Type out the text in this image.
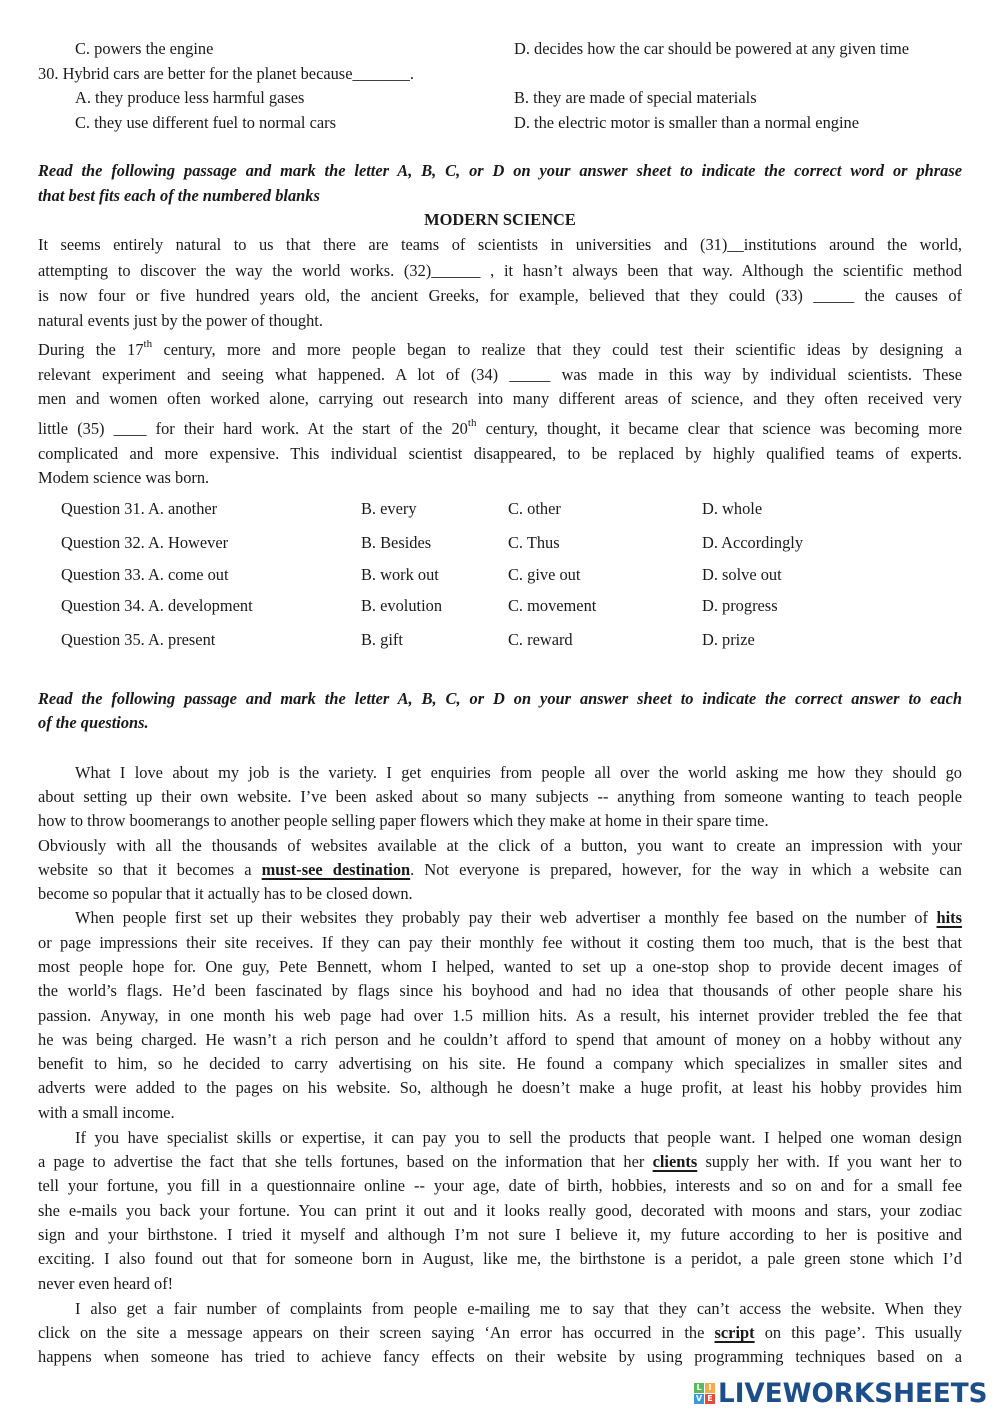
C. powers the engine	D. decides how the car should be powered at any given time
30. Hybrid cars are better for the planet because_______.
A. they produce less harmful gases	B. they are made of special materials
C. they use different fuel to normal cars	D. the electric motor is smaller than a normal engine
Read the following passage and mark the letter A, B, C, or D on your answer sheet to indicate the correct word or phrase
that best fits each of the numbered blanks
MODERN SCIENCE
It seems entirely natural to us that there are teams of scientists in universities and (31)__institutions around the world,
attempting to discover the way the world works. (32)______ , it hasn’t always been that way. Although the scientific method
is now four or five hundred years old, the ancient Greeks, for example, believed that they could (33) _____ the causes of
natural events just by the power of thought.
During the 17th century, more and more people began to realize that they could test their scientific ideas by designing a
relevant experiment and seeing what happened. A lot of (34) _____ was made in this way by individual scientists. These
men and women often worked alone, carrying out research into many different areas of science, and they often received very
little (35) ____ for their hard work. At the start of the 20th century, thought, it became clear that science was becoming more
complicated and more expensive. This individual scientist disappeared, to be replaced by highly qualified teams of experts.
Modem science was born.
Question 31. A. another	B. every	C. other	D. whole
Question 32. A. However	B. Besides	C. Thus	D. Accordingly
Question 33. A. come out	B. work out	C. give out	D. solve out
Question 34. A. development	B. evolution	C. movement	D. progress
Question 35. A. present	B. gift	C. reward	D. prize
Read the following passage and mark the letter A, B, C, or D on your answer sheet to indicate the correct answer to each
of the questions.
What I love about my job is the variety. I get enquiries from people all over the world asking me how they should go
about setting up their own website. I’ve been asked about so many subjects -- anything from someone wanting to teach people
how to throw boomerangs to another people selling paper flowers which they make at home in their spare time.
Obviously with all the thousands of websites available at the click of a button, you want to create an impression with your
website so that it becomes a must-see destination. Not everyone is prepared, however, for the way in which a website can
become so popular that it actually has to be closed down.
When people first set up their websites they probably pay their web advertiser a monthly fee based on the number of hits
or page impressions their site receives. If they can pay their monthly fee without it costing them too much, that is the best that
most people hope for. One guy, Pete Bennett, whom I helped, wanted to set up a one-stop shop to provide decent images of
the world’s flags. He’d been fascinated by flags since his boyhood and had no idea that thousands of other people share his
passion. Anyway, in one month his web page had over 1.5 million hits. As a result, his internet provider trebled the fee that
he was being charged. He wasn’t a rich person and he couldn’t afford to spend that amount of money on a hobby without any
benefit to him, so he decided to carry advertising on his site. He found a company which specializes in smaller sites and
adverts were added to the pages on his website. So, although he doesn’t make a huge profit, at least his hobby provides him
with a small income.
If you have specialist skills or expertise, it can pay you to sell the products that people want. I helped one woman design
a page to advertise the fact that she tells fortunes, based on the information that her clients supply her with. If you want her to
tell your fortune, you fill in a questionnaire online -- your age, date of birth, hobbies, interests and so on and for a small fee
she e-mails you back your fortune. You can print it out and it looks really good, decorated with moons and stars, your zodiac
sign and your birthstone. I tried it myself and although I’m not sure I believe it, my future according to her is positive and
exciting. I also found out that for someone born in August, like me, the birthstone is a peridot, a pale green stone which I’d
never even heard of!
I also get a fair number of complaints from people e-mailing me to say that they can’t access the website. When they
click on the site a message appears on their screen saying ‘An error has occurred in the script on this page’. This usually
happens when someone has tried to achieve fancy effects on their website by using programming techniques based on a
L I
V E LIVEWORKSHEETS
